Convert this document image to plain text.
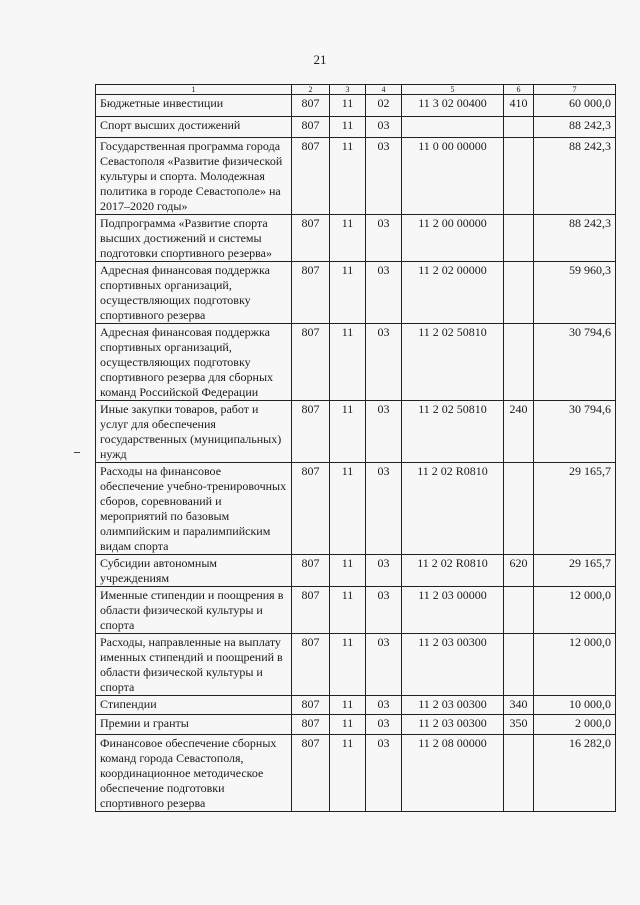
21
1	2	3	4	5	6	7
Бюджетные инвестиции	807	11	02	11 3 02 00400	410	60 000,0
Спорт высших достижений	807	11	03			88 242,3
Государственная программа города Севастополя «Развитие физической культуры и спорта. Молодежная политика в городе Севастополе» на 2017–2020 годы»	807	11	03	11 0 00 00000		88 242,3
Подпрограмма «Развитие спорта высших достижений и системы подготовки спортивного резерва»	807	11	03	11 2 00 00000		88 242,3
Адресная финансовая поддержка спортивных организаций, осуществляющих подготовку спортивного резерва	807	11	03	11 2 02 00000		59 960,3
Адресная финансовая поддержка спортивных организаций, осуществляющих подготовку спортивного резерва для сборных команд Российской Федерации	807	11	03	11 2 02 50810		30 794,6
Иные закупки товаров, работ и услуг для обеспечения государственных (муниципальных) нужд	807	11	03	11 2 02 50810	240	30 794,6
Расходы на финансовое обеспечение учебно-тренировочных сборов, соревнований и мероприятий по базовым олимпийским и паралимпийским видам спорта	807	11	03	11 2 02 R0810		29 165,7
Субсидии автономным учреждениям	807	11	03	11 2 02 R0810	620	29 165,7
Именные стипендии и поощрения в области физической культуры и спорта	807	11	03	11 2 03 00000		12 000,0
Расходы, направленные на выплату именных стипендий и поощрений в области физической культуры и спорта	807	11	03	11 2 03 00300		12 000,0
Стипендии	807	11	03	11 2 03 00300	340	10 000,0
Премии и гранты	807	11	03	11 2 03 00300	350	2 000,0
Финансовое обеспечение сборных команд города Севастополя, координационное методическое обеспечение подготовки спортивного резерва	807	11	03	11 2 08 00000		16 282,0
